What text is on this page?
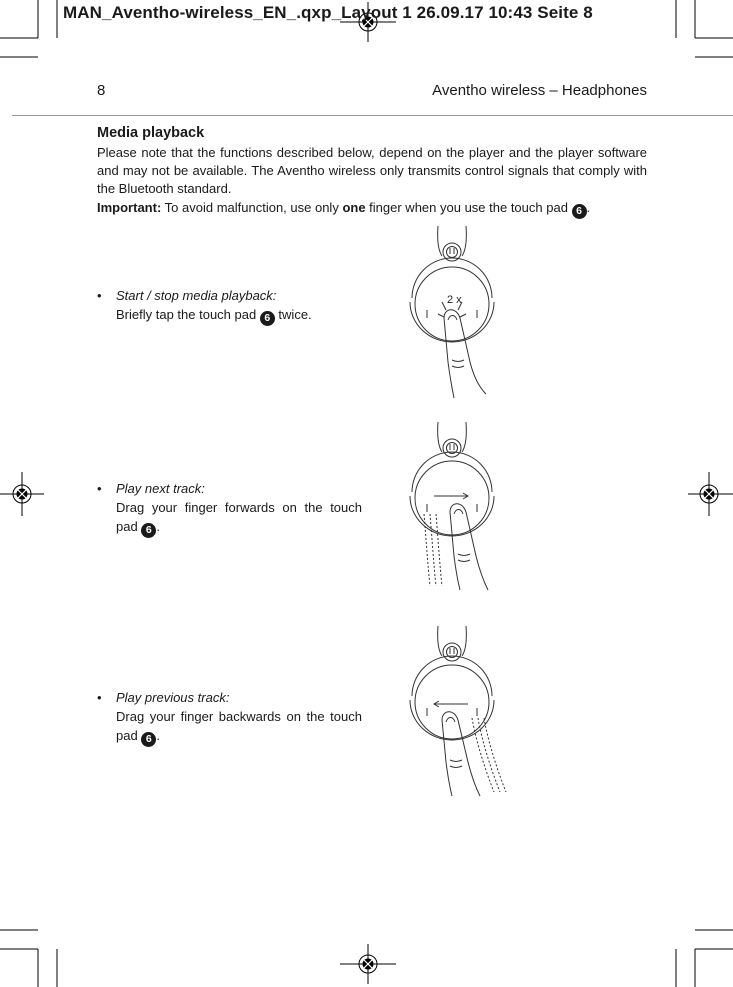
MAN_Aventho-wireless_EN_.qxp_Layout 1 26.09.17 10:43 Seite 8
8	Aventho wireless – Headphones
Media playback
Please note that the functions described below, depend on the player and the player software and may not be available. The Aventho wireless only transmits control signals that comply with the Bluetooth standard.
Important: To avoid malfunction, use only one finger when you use the touch pad 6 .
• Start / stop media playback:
Briefly tap the touch pad 6 twice.
• Play next track:
Drag your finger forwards on the touch pad 6 .
• Play previous track:
Drag your finger backwards on the touch pad 6 .
2 x
